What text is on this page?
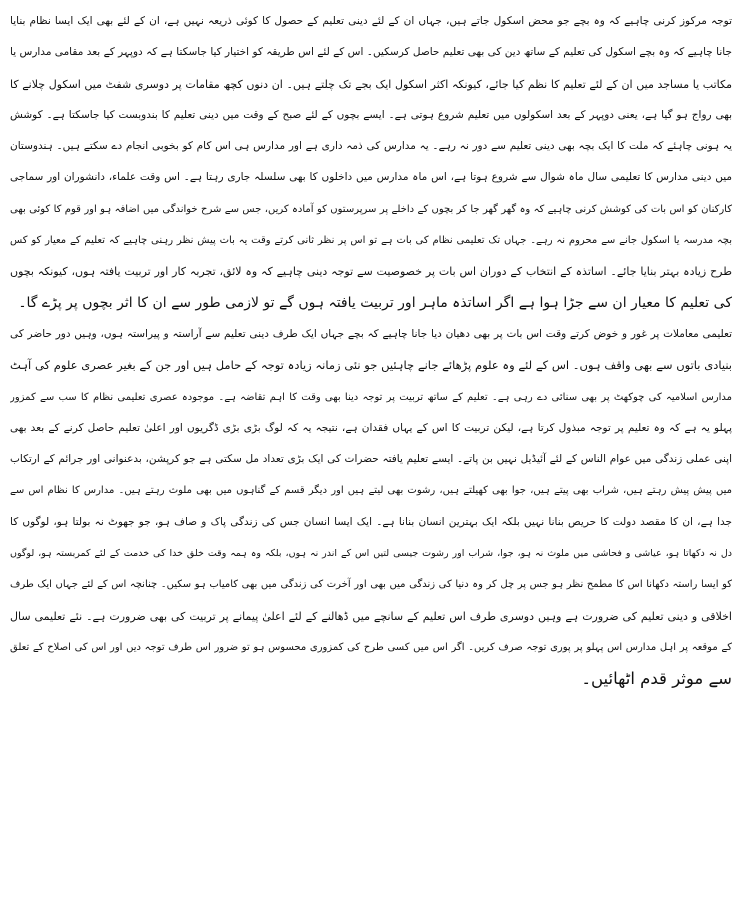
توجہ مرکوز کرنی چاہیے کہ وہ بچے جو محض اسکول جاتے ہیں، جہاں ان کے لئے دینی تعلیم کے حصول کا کوئی ذریعہ نہیں ہے، ان کے لئے بھی ایک ایسا نظام بنایا
جانا چاہیے کہ وہ بچے اسکول کی تعلیم کے ساتھ دین کی بھی تعلیم حاصل کرسکیں۔ اس کے لئے اس طریقہ کو اختیار کیا جاسکتا ہے کہ دوپہر کے بعد مقامی مدارس یا
مکاتب یا مساجد میں ان کے لئے تعلیم کا نظم کیا جائے، کیونکہ اکثر اسکول ایک بجے تک چلتے ہیں۔ ان دنوں کچھ مقامات پر دوسری شفٹ میں اسکول چلانے کا
بھی رواج ہو گیا ہے، یعنی دوپہر کے بعد اسکولوں میں تعلیم شروع ہوتی ہے۔ ایسے بچوں کے لئے صبح کے وقت میں دینی تعلیم کا بندوبست کیا جاسکتا ہے۔ کوشش
یہ ہونی چاہئے کہ ملت کا ایک بچہ بھی دینی تعلیم سے دور نہ رہے۔ یہ مدارس کی ذمہ داری ہے اور مدارس ہی اس کام کو بخوبی انجام دے سکتے ہیں۔ ہندوستان
میں دینی مدارس کا تعلیمی سال ماہ شوال سے شروع ہوتا ہے، اس ماہ مدارس میں داخلوں کا بھی سلسلہ جاری رہتا ہے۔ اس وقت علماء، دانشوران اور سماجی
کارکنان کو اس بات کی کوشش کرنی چاہیے کہ وہ گھر گھر جا کر بچوں کے داخلے پر سرپرستوں کو آمادہ کریں، جس سے شرح خواندگی میں اضافہ ہو اور قوم کا کوئی بھی
بچہ مدرسہ یا اسکول جانے سے محروم نہ رہے۔ جہاں تک تعلیمی نظام کی بات ہے تو اس پر نظر ثانی کرتے وقت یہ بات پیش نظر رہنی چاہیے کہ تعلیم کے معیار کو کس
طرح زیادہ بہتر بنایا جائے۔ اساتذہ کے انتخاب کے دوران اس بات پر خصوصیت سے توجہ دینی چاہیے کہ وہ لائق، تجربہ کار اور تربیت یافتہ ہوں، کیونکہ بچوں
کی تعلیم کا معیار ان سے جڑا ہوا ہے اگر اساتذہ ماہر اور تربیت یافتہ ہوں گے تو لازمی طور سے ان کا اثر بچوں پر پڑے گا۔
تعلیمی معاملات پر غور و خوض کرتے وقت اس بات پر بھی دھیان دیا جانا چاہیے کہ بچے جہاں ایک طرف دینی تعلیم سے آراستہ و پیراستہ ہوں، وہیں دور حاضر کی
بنیادی باتوں سے بھی واقف ہوں۔ اس کے لئے وہ علوم پڑھائے جانے چاہئیں جو نئی زمانہ زیادہ توجہ کے حامل ہیں اور جن کے بغیر عصری علوم کی آہٹ
مدارس اسلامیہ کی چوکھٹ پر بھی سنائی دے رہی ہے۔ تعلیم کے ساتھ تربیت پر توجہ دینا بھی وقت کا اہم تقاضہ ہے۔ موجودہ عصری تعلیمی نظام کا سب سے کمزور
پہلو یہ ہے کہ وہ تعلیم پر توجہ مبذول کرتا ہے، لیکن تربیت کا اس کے یہاں فقدان ہے، نتیجہ یہ کہ لوگ بڑی بڑی ڈگریوں اور اعلیٰ تعلیم حاصل کرنے کے بعد بھی
اپنی عملی زندگی میں عوام الناس کے لئے آئیڈیل نہیں بن پاتے۔ ایسے تعلیم یافتہ حضرات کی ایک بڑی تعداد مل سکتی ہے جو کرپشن، بدعنوانی اور جرائم کے ارتکاب
میں پیش پیش رہتے ہیں، شراب بھی پیتے ہیں، جوا بھی کھیلتے ہیں، رشوت بھی لیتے ہیں اور دیگر قسم کے گناہوں میں بھی ملوث رہتے ہیں۔ مدارس کا نظام اس سے
جدا ہے، ان کا مقصد دولت کا حریص بنانا نہیں بلکہ ایک بہترین انسان بنانا ہے۔ ایک ایسا انسان جس کی زندگی پاک و صاف ہو، جو جھوٹ نہ بولتا ہو، لوگوں کا
دل نہ دکھاتا ہو، عیاشی و فحاشی میں ملوث نہ ہو، جوا، شراب اور رشوت جیسی لتیں اس کے اندر نہ ہوں، بلکہ وہ ہمہ وقت خلق خدا کی خدمت کے لئے کمربستہ ہو، لوگوں
کو ایسا راستہ دکھانا اس کا مطمح نظر ہو جس پر چل کر وہ دنیا کی زندگی میں بھی اور آخرت کی زندگی میں بھی کامیاب ہو سکیں۔ چنانچہ اس کے لئے جہاں ایک طرف
اخلاقی و دینی تعلیم کی ضرورت ہے وہیں دوسری طرف اس تعلیم کے سانچے میں ڈھالنے کے لئے اعلیٰ پیمانے پر تربیت کی بھی ضرورت ہے۔ نئے تعلیمی سال
کے موقعہ پر اہل مدارس اس پہلو پر پوری توجہ صرف کریں۔ اگر اس میں کسی طرح کی کمزوری محسوس ہو تو ضرور اس طرف توجہ دیں اور اس کی اصلاح کے تعلق
سے موثر قدم اٹھائیں۔
